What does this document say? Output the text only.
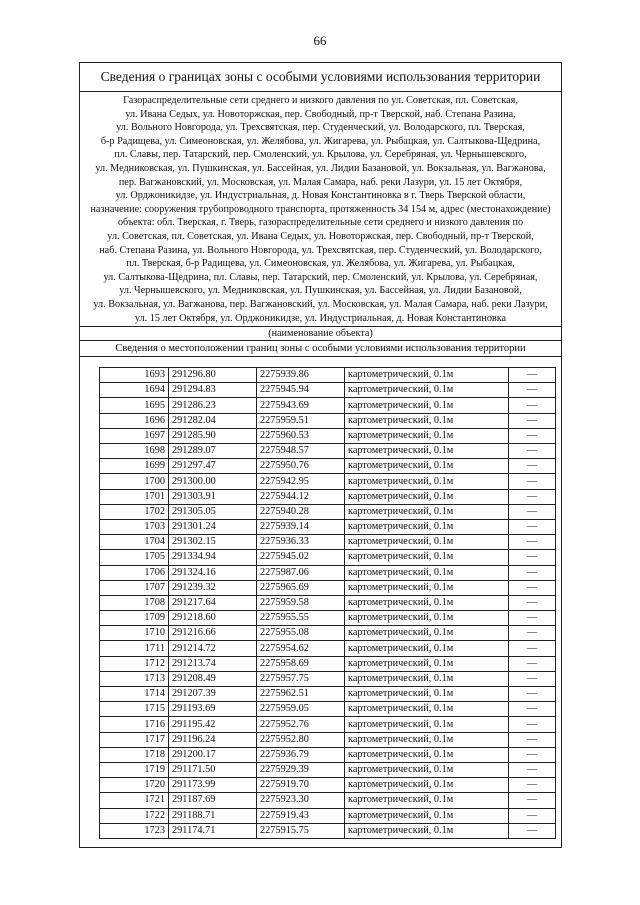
66
Сведения о границах зоны с особыми условиями использования территории
Газораспределительные сети среднего и низкого давления по ул. Советская, пл. Советская,
ул. Ивана Седых, ул. Новоторжская, пер. Свободный, пр-т Тверской, наб. Степана Разина,
ул. Вольного Новгорода, ул. Трехсвятская, пер. Студенческий, ул. Володарского, пл. Тверская,
б-р Радищева, ул. Симеоновская, ул. Желябова, ул. Жигарева, ул. Рыбацкая, ул. Салтыкова-Щедрина,
пл. Славы, пер. Татарский, пер. Смоленский, ул. Крылова, ул. Серебряная, ул. Чернышевского,
ул. Медниковская, ул. Пушкинская, ул. Бассейная, ул. Лидии Базановой, ул. Вокзальная, ул. Вагжанова,
пер. Вагжановский, ул. Московская, ул. Малая Самара, наб. реки Лазури, ул. 15 лет Октября,
ул. Орджоникидзе, ул. Индустриальная, д. Новая Константиновка в г. Тверь Тверской области,
назначение: сооружения трубопроводного транспорта, протяженность 34 154 м, адрес (местонахождение)
объекта: обл. Тверская, г. Тверь, газораспределительные сети среднего и низкого давления по
ул. Советская, пл. Советская, ул. Ивана Седых, ул. Новоторжская, пер. Свободный, пр-т Тверской,
наб. Степана Разина, ул. Вольного Новгорода, ул. Трехсвятская, пер. Студенческий, ул. Володарского,
пл. Тверская, б-р Радищева, ул. Симеоновская, ул. Желябова, ул. Жигарева, ул. Рыбацкая,
ул. Салтыкова-Щедрина, пл. Славы, пер. Татарский, пер. Смоленский, ул. Крылова, ул. Серебряная,
ул. Чернышевского, ул. Медниковская, ул. Пушкинская, ул. Бассейная, ул. Лидии Базановой,
ул. Вокзальная, ул. Вагжанова, пер. Вагжановский, ул. Московская, ул. Малая Самара, наб. реки Лазури,
ул. 15 лет Октября, ул. Орджоникидзе, ул. Индустриальная, д. Новая Константиновка
(наименование объекта)
Сведения о местоположении границ зоны с особыми условиями использования территории
1693	291296.80	2275939.86	картометрический, 0.1м	—
1694	291294.83	2275945.94	картометрический, 0.1м	—
1695	291286.23	2275943.69	картометрический, 0.1м	—
1696	291282.04	2275959.51	картометрический, 0.1м	—
1697	291285.90	2275960.53	картометрический, 0.1м	—
1698	291289.07	2275948.57	картометрический, 0.1м	—
1699	291297.47	2275950.76	картометрический, 0.1м	—
1700	291300.00	2275942.95	картометрический, 0.1м	—
1701	291303.91	2275944.12	картометрический, 0.1м	—
1702	291305.05	2275940.28	картометрический, 0.1м	—
1703	291301.24	2275939.14	картометрический, 0.1м	—
1704	291302.15	2275936.33	картометрический, 0.1м	—
1705	291334.94	2275945.02	картометрический, 0.1м	—
1706	291324.16	2275987.06	картометрический, 0.1м	—
1707	291239.32	2275965.69	картометрический, 0.1м	—
1708	291217.64	2275959.58	картометрический, 0.1м	—
1709	291218.60	2275955.55	картометрический, 0.1м	—
1710	291216.66	2275955.08	картометрический, 0.1м	—
1711	291214.72	2275954.62	картометрический, 0.1м	—
1712	291213.74	2275958.69	картометрический, 0.1м	—
1713	291208.49	2275957.75	картометрический, 0.1м	—
1714	291207.39	2275962.51	картометрический, 0.1м	—
1715	291193.69	2275959.05	картометрический, 0.1м	—
1716	291195.42	2275952.76	картометрический, 0.1м	—
1717	291196.24	2275952.80	картометрический, 0.1м	—
1718	291200.17	2275936.79	картометрический, 0.1м	—
1719	291171.50	2275929.39	картометрический, 0.1м	—
1720	291173.99	2275919.70	картометрический, 0.1м	—
1721	291187.69	2275923.30	картометрический, 0.1м	—
1722	291188.71	2275919.43	картометрический, 0.1м	—
1723	291174.71	2275915.75	картометрический, 0.1м	—
